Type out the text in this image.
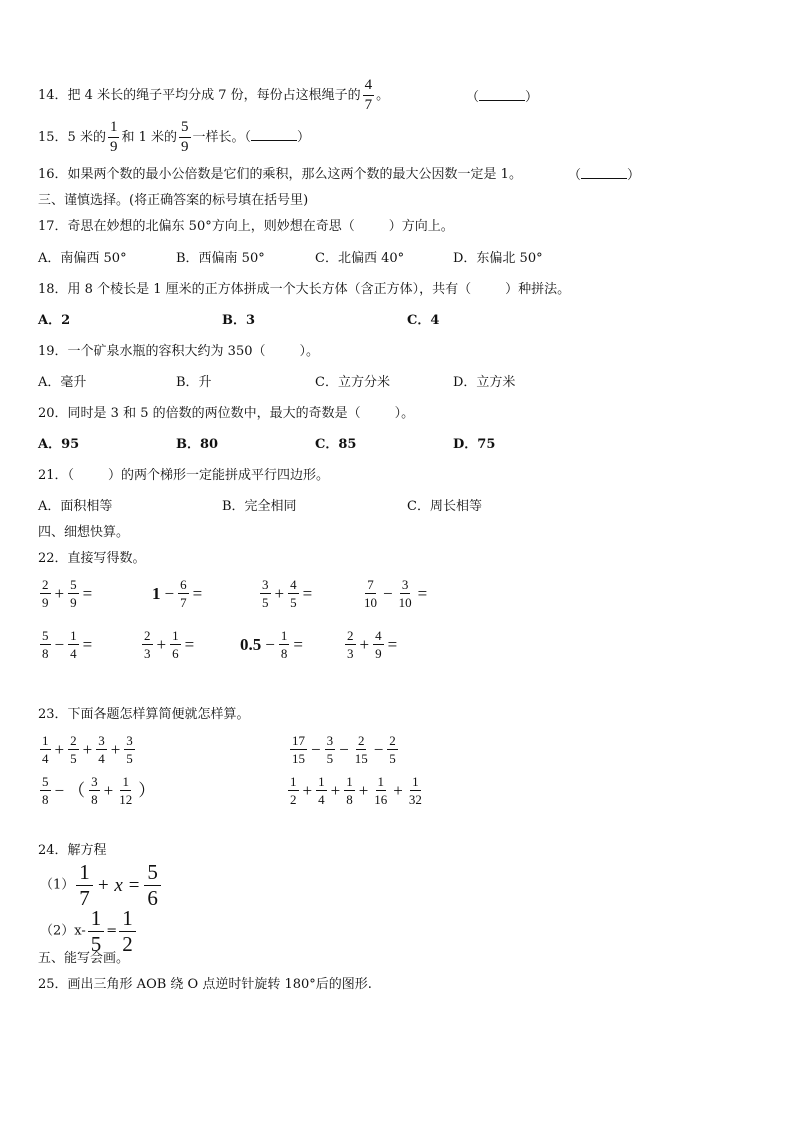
14．把 4 米长的绳子平均分成 7 份，每份占这根绳子的 $\frac{4}{7}$ 。	（	）
15．5 米的 $\frac{1}{9}$ 和 1 米的 $\frac{5}{9}$ 一样长。（	）
16．如果两个数的最小公倍数是它们的乘积，那么这两个数的最大公因数一定是 1。	（	）
三、谨慎选择。(将正确答案的标号填在括号里)
17．奇思在妙想的北偏东 50°方向上，则妙想在奇思（	）方向上。
A．南偏西 50°	B．西偏南 50°	C．北偏西 40°	D．东偏北 50°
18．用 8 个棱长是 1 厘米的正方体拼成一个大长方体（含正方体），共有（	）种拼法。
A．2	B．3	C．4
19．一个矿泉水瓶的容积大约为 350（	）。
A．毫升	B．升	C．立方分米	D．立方米
20．同时是 3 和 5 的倍数的两位数中，最大的奇数是（	）。
A．95	B．80	C．85	D．75
21．（	）的两个梯形一定能拼成平行四边形。
A．面积相等	B．完全相同	C．周长相等
四、细想快算。
22．直接写得数。
$\frac{2}{9} + \frac{5}{9}$ =	$1 - \frac{6}{7}$ =	$\frac{3}{5} + \frac{4}{5}$ =	$\frac{7}{10} - \frac{3}{10}$ =
$\frac{5}{8} - \frac{1}{4}$ =	$\frac{2}{3} + \frac{1}{6}$ =	$0.5 - \frac{1}{8}$ =	$\frac{2}{3} + \frac{4}{9}$ =
23．下面各题怎样算简便就怎样算。
$\frac{1}{4} + \frac{2}{5} + \frac{3}{4} + \frac{3}{5}$	$\frac{17}{15} - \frac{3}{5} - \frac{2}{15} - \frac{2}{5}$
$\frac{5}{8}$ − （ $\frac{3}{8} + \frac{1}{12}$ ）	$\frac{1}{2} + \frac{1}{4} + \frac{1}{8} + \frac{1}{16} + \frac{1}{32}$
24．解方程
$(1) \frac{1}{7} + x = \frac{5}{6}$
$(2)x- \frac{1}{5} = \frac{1}{2}$
五、能写会画。
25．画出三角形 AOB 绕 O 点逆时针旋转 180°后的图形.
